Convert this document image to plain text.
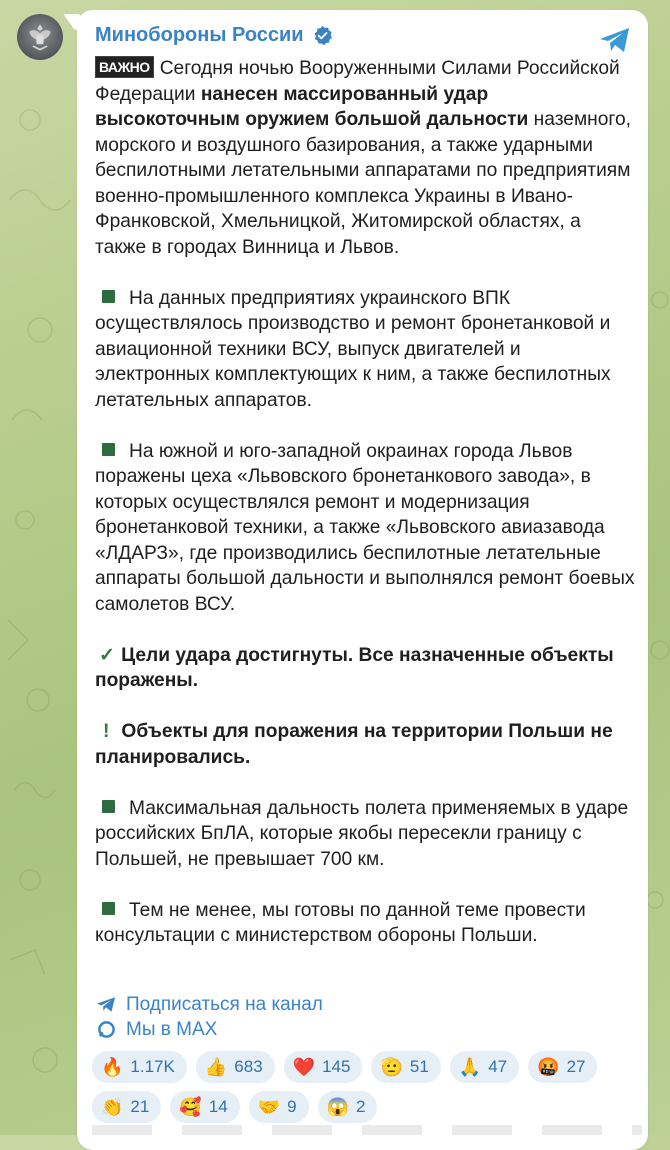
Минобороны России

ВАЖНО Сегодня ночью Вооруженными Силами Российской Федерации нанесен массированный удар высокоточным оружием большой дальности наземного, морского и воздушного базирования, а также ударными беспилотными летательными аппаратами по предприятиям военно-промышленного комплекса Украины в Ивано-Франковской, Хмельницкой, Житомирской областях, а также в городах Винница и Львов.

На данных предприятиях украинского ВПК осуществлялось производство и ремонт бронетанковой и авиационной техники ВСУ, выпуск двигателей и электронных комплектующих к ним, а также беспилотных летательных аппаратов.

На южной и юго-западной окраинах города Львов поражены цеха «Львовского бронетанкового завода», в которых осуществлялся ремонт и модернизация бронетанковой техники, а также «Львовского авиазавода «ЛДАРЗ», где производились беспилотные летательные аппараты большой дальности и выполнялся ремонт боевых самолетов ВСУ.

✓ Цели удара достигнуты. Все назначенные объекты поражены.

! Объекты для поражения на территории Польши не планировались.

Максимальная дальность полета применяемых в ударе российских БпЛА, которые якобы пересекли границу с Польшей, не превышает 700 км.

Тем не менее, мы готовы по данной теме провести консультации с министерством обороны Польши.

Подписаться на канал
Мы в MAX
🔥 1.17K 👍 683 ❤️ 145 🫡 51 🙏 47 🤬 27
👏 21 🥰 14 🤝 9 😱 2
